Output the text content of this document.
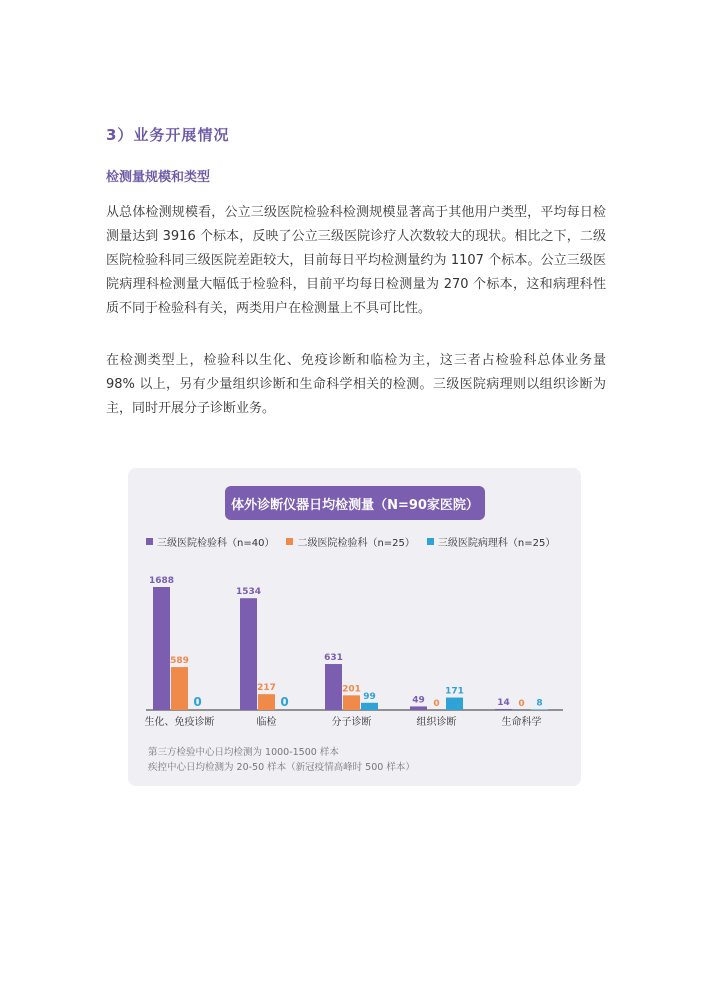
3）业务开展情况
检测量规模和类型

从总体检测规模看，公立三级医院检验科检测规模显著高于其他用户类型，平均每日检测量达到 3916 个标本，反映了公立三级医院诊疗人次数较大的现状。相比之下，二级医院检验科同三级医院差距较大，目前每日平均检测量约为 1107 个标本。公立三级医院病理科检测量大幅低于检验科，目前平均每日检测量为 270 个标本，这和病理科性质不同于检验科有关，两类用户在检测量上不具可比性。

在检测类型上，检验科以生化、免疫诊断和临检为主，这三者占检验科总体业务量 98% 以上，另有少量组织诊断和生命科学相关的检测。三级医院病理则以组织诊断为主，同时开展分子诊断业务。

1688
589
0
生化、免疫诊断
1534
217
0
临检
631
201
99
分子诊断
49 0
171
组织诊断
14 0 8
生命科学
体外诊断仪器日均检测量（N=90家医院）
三级医院检验科（n=40） 二级医院检验科（n=25） 三级医院病理科（n=25）

第三方检验中心日均检测为 1000-1500 样本

疾控中心日均检测为 20-50 样本（新冠疫情高峰时 500 样本）
